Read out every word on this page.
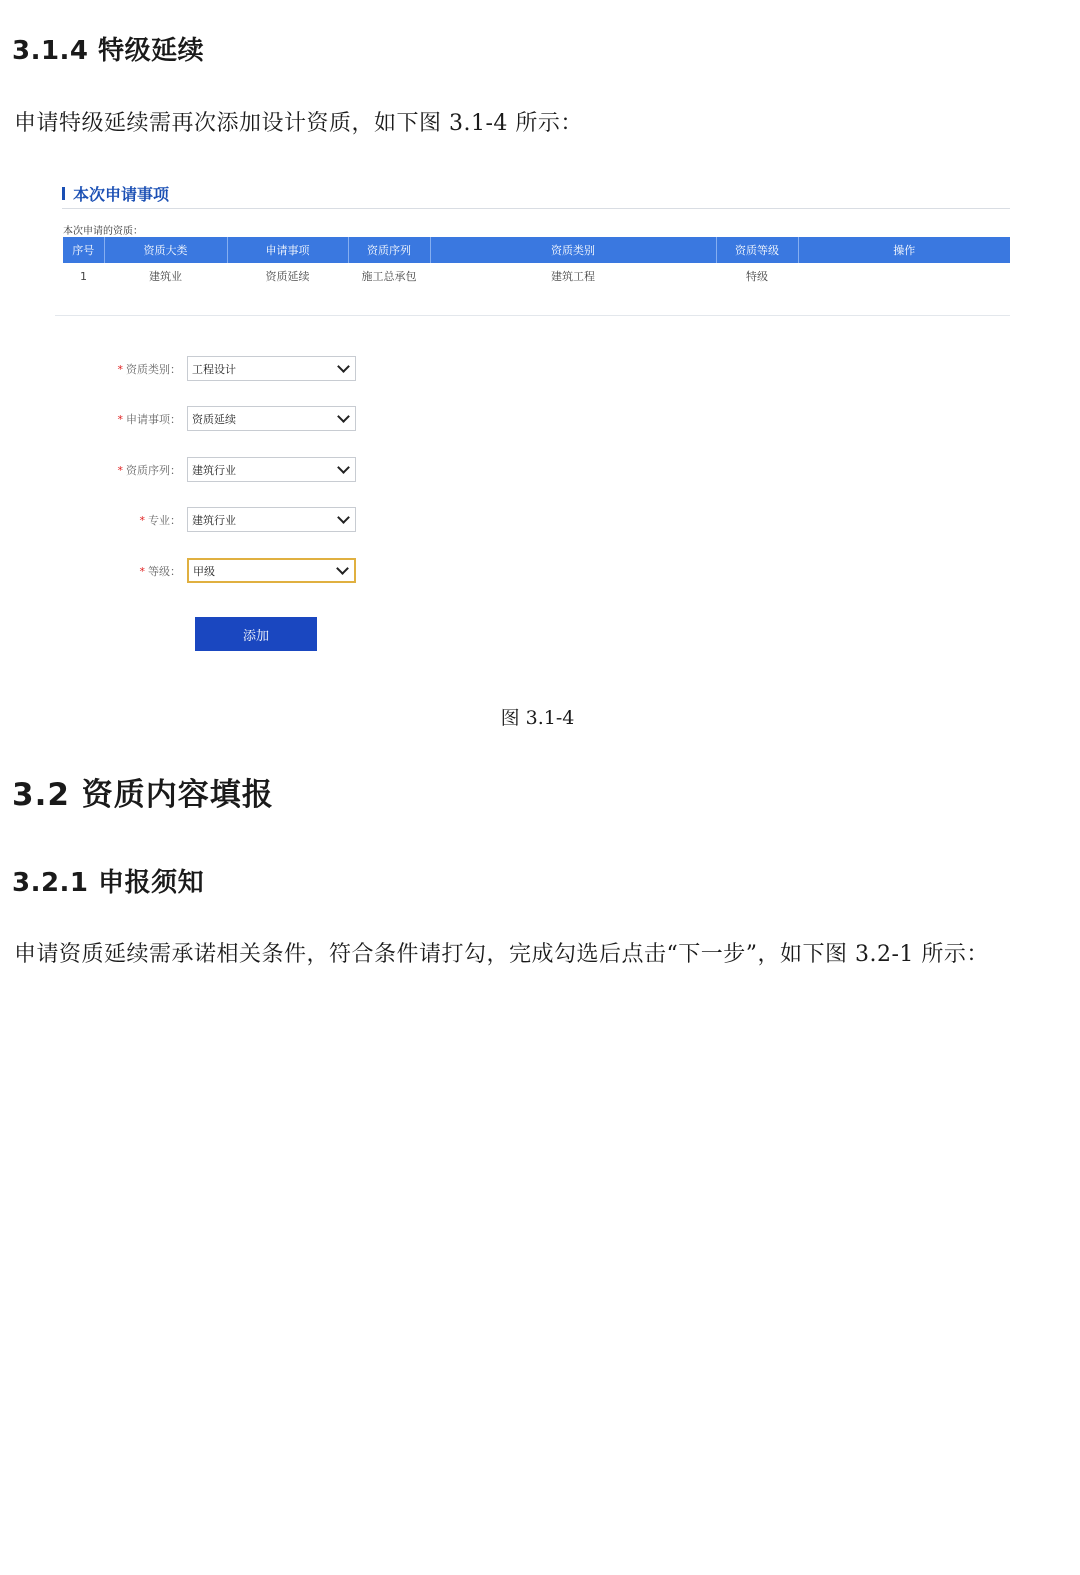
3.1.4 特级延续
申请特级延续需再次添加设计资质，如下图 3.1-4 所示：
本次申请事项
本次申请的资质：
序号	资质大类	申请事项	资质序列	资质类别	资质等级	操作
1	建筑业	资质延续	施工总承包	建筑工程	特级	
* 资质类别：	工程设计
* 申请事项：	资质延续
* 资质序列：	建筑行业
* 专业：	建筑行业
* 等级：	甲级
添加
图 3.1-4
3.2 资质内容填报
3.2.1 申报须知
申请资质延续需承诺相关条件，符合条件请打勾，完成勾选后点击“下一步”，如下图 3.2-1 所示：
